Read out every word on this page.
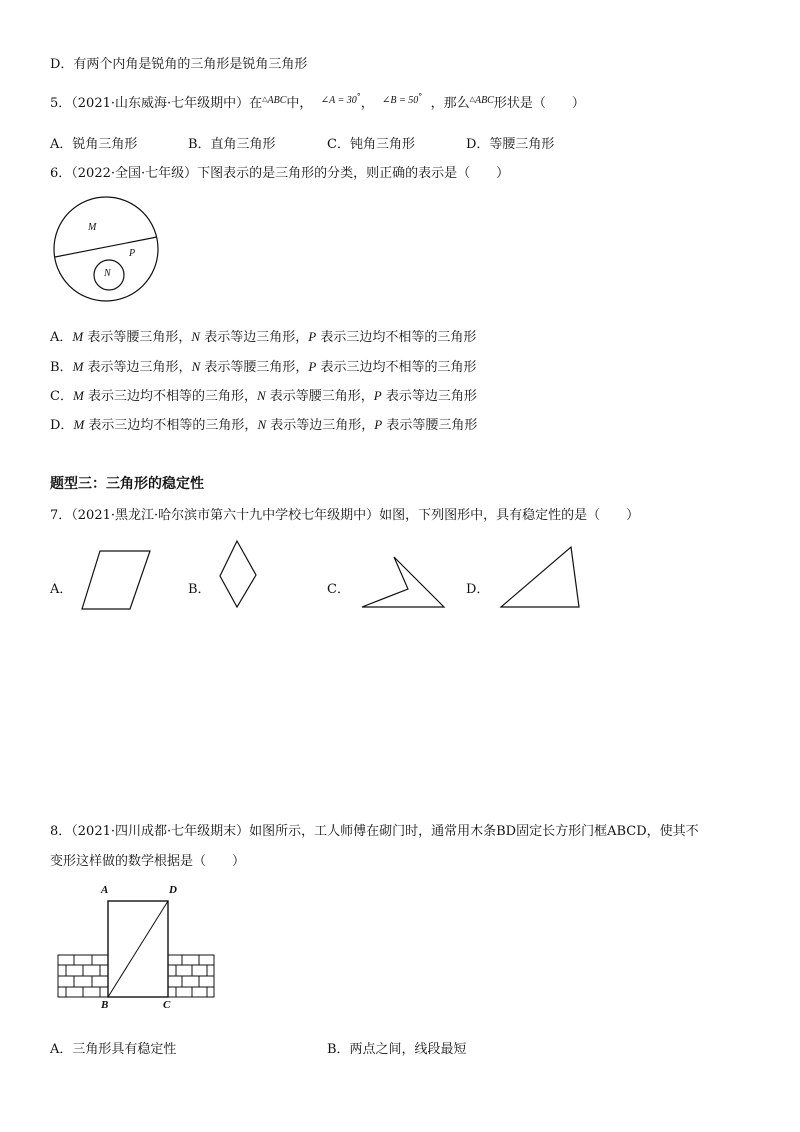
D．有两个内角是锐角的三角形是锐角三角形
5．（2021·山东威海·七年级期中）在$^{\triangle ABC}$中， $^{\angle A = 30^\circ}$， $^{\angle B = 50^\circ}$ ，那么$^{\triangle ABC}$形状是（　　）
A．锐角三角形	B．直角三角形	C．钝角三角形	D．等腰三角形
6．（2022·全国·七年级）下图表示的是三角形的分类，则正确的表示是（　　）
M
N
P
A．M 表示等腰三角形，N 表示等边三角形，P 表示三边均不相等的三角形
B．M 表示等边三角形，N 表示等腰三角形，P 表示三边均不相等的三角形
C．M 表示三边均不相等的三角形，N 表示等腰三角形，P 表示等边三角形
D．M 表示三边均不相等的三角形，N 表示等边三角形，P 表示等腰三角形
题型三：三角形的稳定性
7．（2021·黑龙江·哈尔滨市第六十九中学校七年级期中）如图，下列图形中，具有稳定性的是（　　）
A．	B．	C．	D．
8．（2021·四川成都·七年级期末）如图所示，工人师傅在砌门时，通常用木条BD固定长方形门框ABCD，使其不
变形这样做的数学根据是（　　）
A	D
B	C
A．三角形具有稳定性	B．两点之间，线段最短
